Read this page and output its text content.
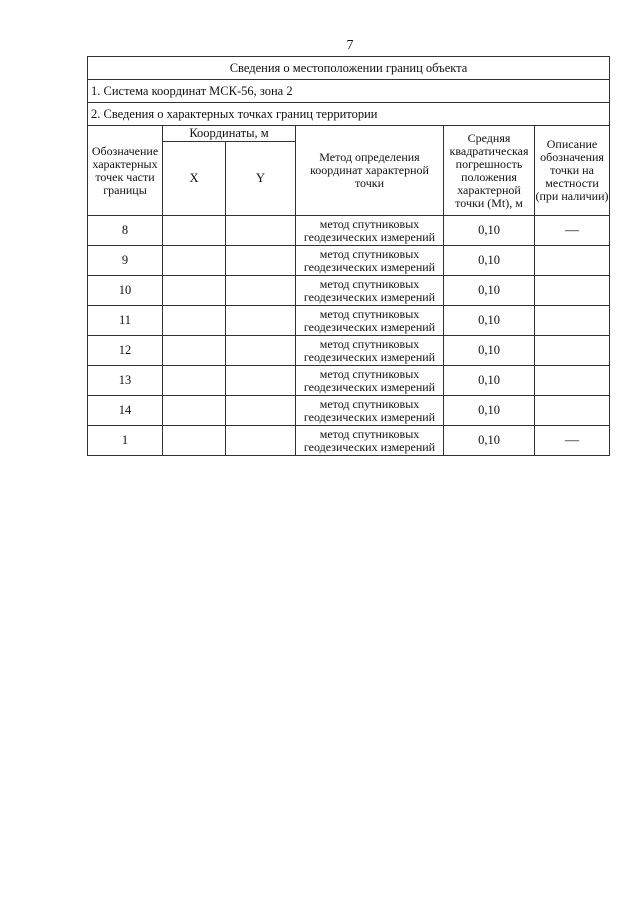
7
Сведения о местоположении границ объекта					
1. Система координат МСК-56, зона 2					
2. Сведения о характерных точках границ территории					
Обозначение характерных точек части границы	Координаты, м		Метод определения координат характерной точки	Средняя квадратическая погрешность положения характерной точки (Mt), м	Описание обозначения точки на местности (при наличии)
	X	Y			
8			метод спутниковых геодезических измерений	0,10	—
9			метод спутниковых геодезических измерений	0,10	
10			метод спутниковых геодезических измерений	0,10	
11			метод спутниковых геодезических измерений	0,10	
12			метод спутниковых геодезических измерений	0,10	
13			метод спутниковых геодезических измерений	0,10	
14			метод спутниковых геодезических измерений	0,10	
1			метод спутниковых геодезических измерений	0,10	—
